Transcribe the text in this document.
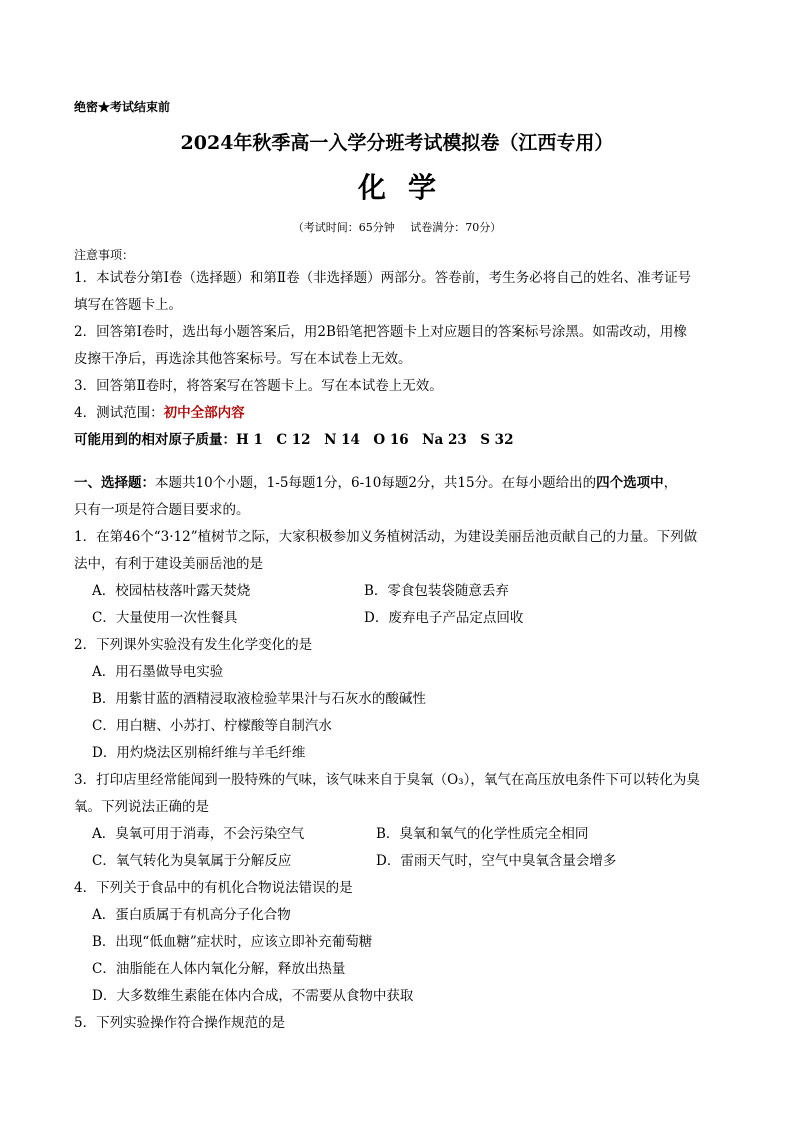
绝密★考试结束前
2024年秋季高一入学分班考试模拟卷（江西专用）
化学
（考试时间：65分钟 试卷满分：70分）
注意事项：
1．本试卷分第Ⅰ卷（选择题）和第Ⅱ卷（非选择题）两部分。答卷前，考生务必将自己的姓名、准考证号
填写在答题卡上。
2．回答第Ⅰ卷时，选出每小题答案后，用2B铅笔把答题卡上对应题目的答案标号涂黑。如需改动，用橡
皮擦干净后，再选涂其他答案标号。写在本试卷上无效。
3．回答第Ⅱ卷时，将答案写在答题卡上。写在本试卷上无效。
4．测试范围：初中全部内容
可能用到的相对原子质量：H 1　C 12　N 14　O 16　Na 23　S 32
一、选择题：本题共10个小题，1-5每题1分，6-10每题2分，共15分。在每小题给出的四个选项中，
只有一项是符合题目要求的。
1．在第46个“3·12”植树节之际，大家积极参加义务植树活动，为建设美丽岳池贡献自己的力量。下列做
法中，有利于建设美丽岳池的是
A．校园枯枝落叶露天焚烧	B．零食包装袋随意丢弃
C．大量使用一次性餐具	D．废弃电子产品定点回收
2．下列课外实验没有发生化学变化的是
A．用石墨做导电实验
B．用紫甘蓝的酒精浸取液检验苹果汁与石灰水的酸碱性
C．用白糖、小苏打、柠檬酸等自制汽水
D．用灼烧法区别棉纤维与羊毛纤维
3．打印店里经常能闻到一股特殊的气味，该气味来自于臭氧（O₃），氧气在高压放电条件下可以转化为臭
氧。下列说法正确的是
A．臭氧可用于消毒，不会污染空气	B．臭氧和氧气的化学性质完全相同
C．氧气转化为臭氧属于分解反应	D．雷雨天气时，空气中臭氧含量会增多
4．下列关于食品中的有机化合物说法错误的是
A．蛋白质属于有机高分子化合物
B．出现“低血糖”症状时，应该立即补充葡萄糖
C．油脂能在人体内氧化分解，释放出热量
D．大多数维生素能在体内合成，不需要从食物中获取
5．下列实验操作符合操作规范的是
